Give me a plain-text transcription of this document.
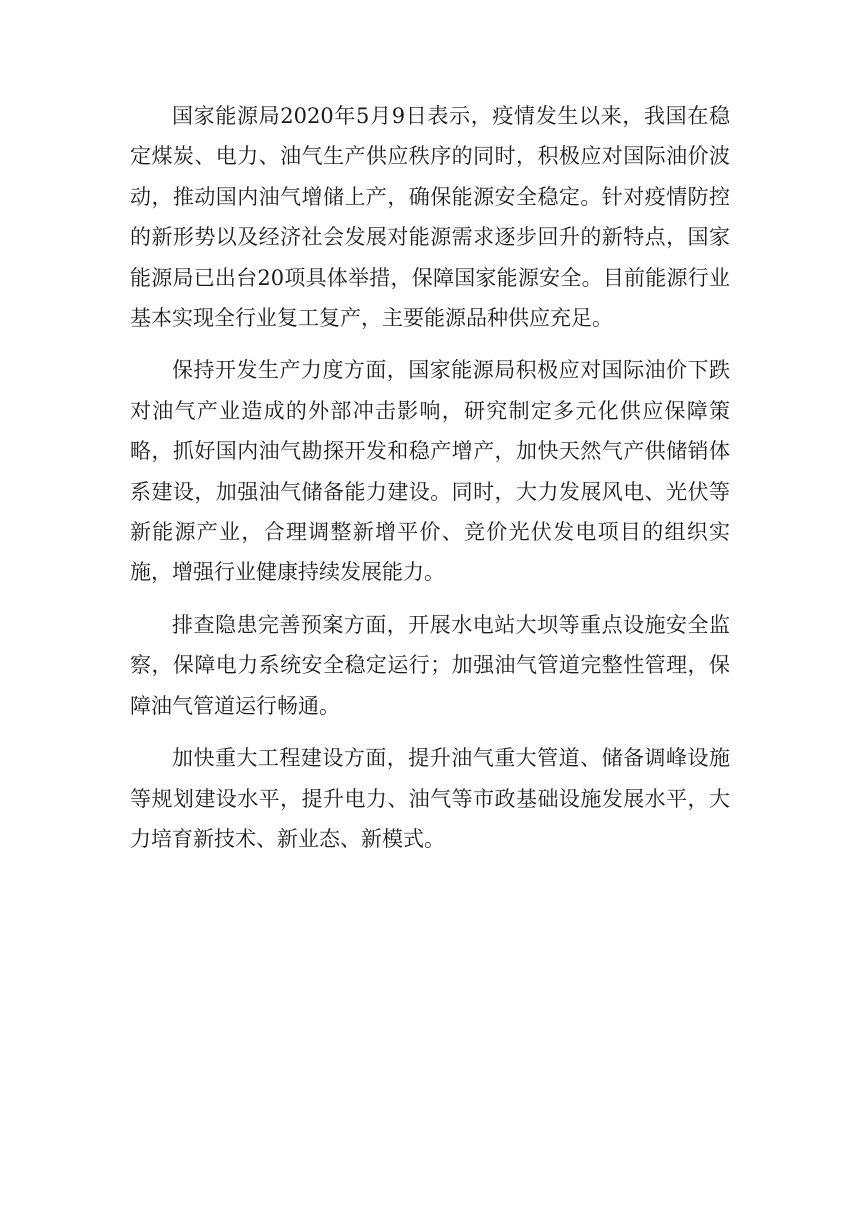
国家能源局2020年5月9日表示，疫情发生以来，我国在稳定煤炭、电力、油气生产供应秩序的同时，积极应对国际油价波动，推动国内油气增储上产，确保能源安全稳定。针对疫情防控的新形势以及经济社会发展对能源需求逐步回升的新特点，国家能源局已出台20项具体举措，保障国家能源安全。目前能源行业基本实现全行业复工复产，主要能源品种供应充足。

保持开发生产力度方面，国家能源局积极应对国际油价下跌对油气产业造成的外部冲击影响，研究制定多元化供应保障策略，抓好国内油气勘探开发和稳产增产，加快天然气产供储销体系建设，加强油气储备能力建设。同时，大力发展风电、光伏等新能源产业，合理调整新增平价、竞价光伏发电项目的组织实施，增强行业健康持续发展能力。

排查隐患完善预案方面，开展水电站大坝等重点设施安全监察，保障电力系统安全稳定运行；加强油气管道完整性管理，保障油气管道运行畅通。

加快重大工程建设方面，提升油气重大管道、储备调峰设施等规划建设水平，提升电力、油气等市政基础设施发展水平，大力培育新技术、新业态、新模式。
